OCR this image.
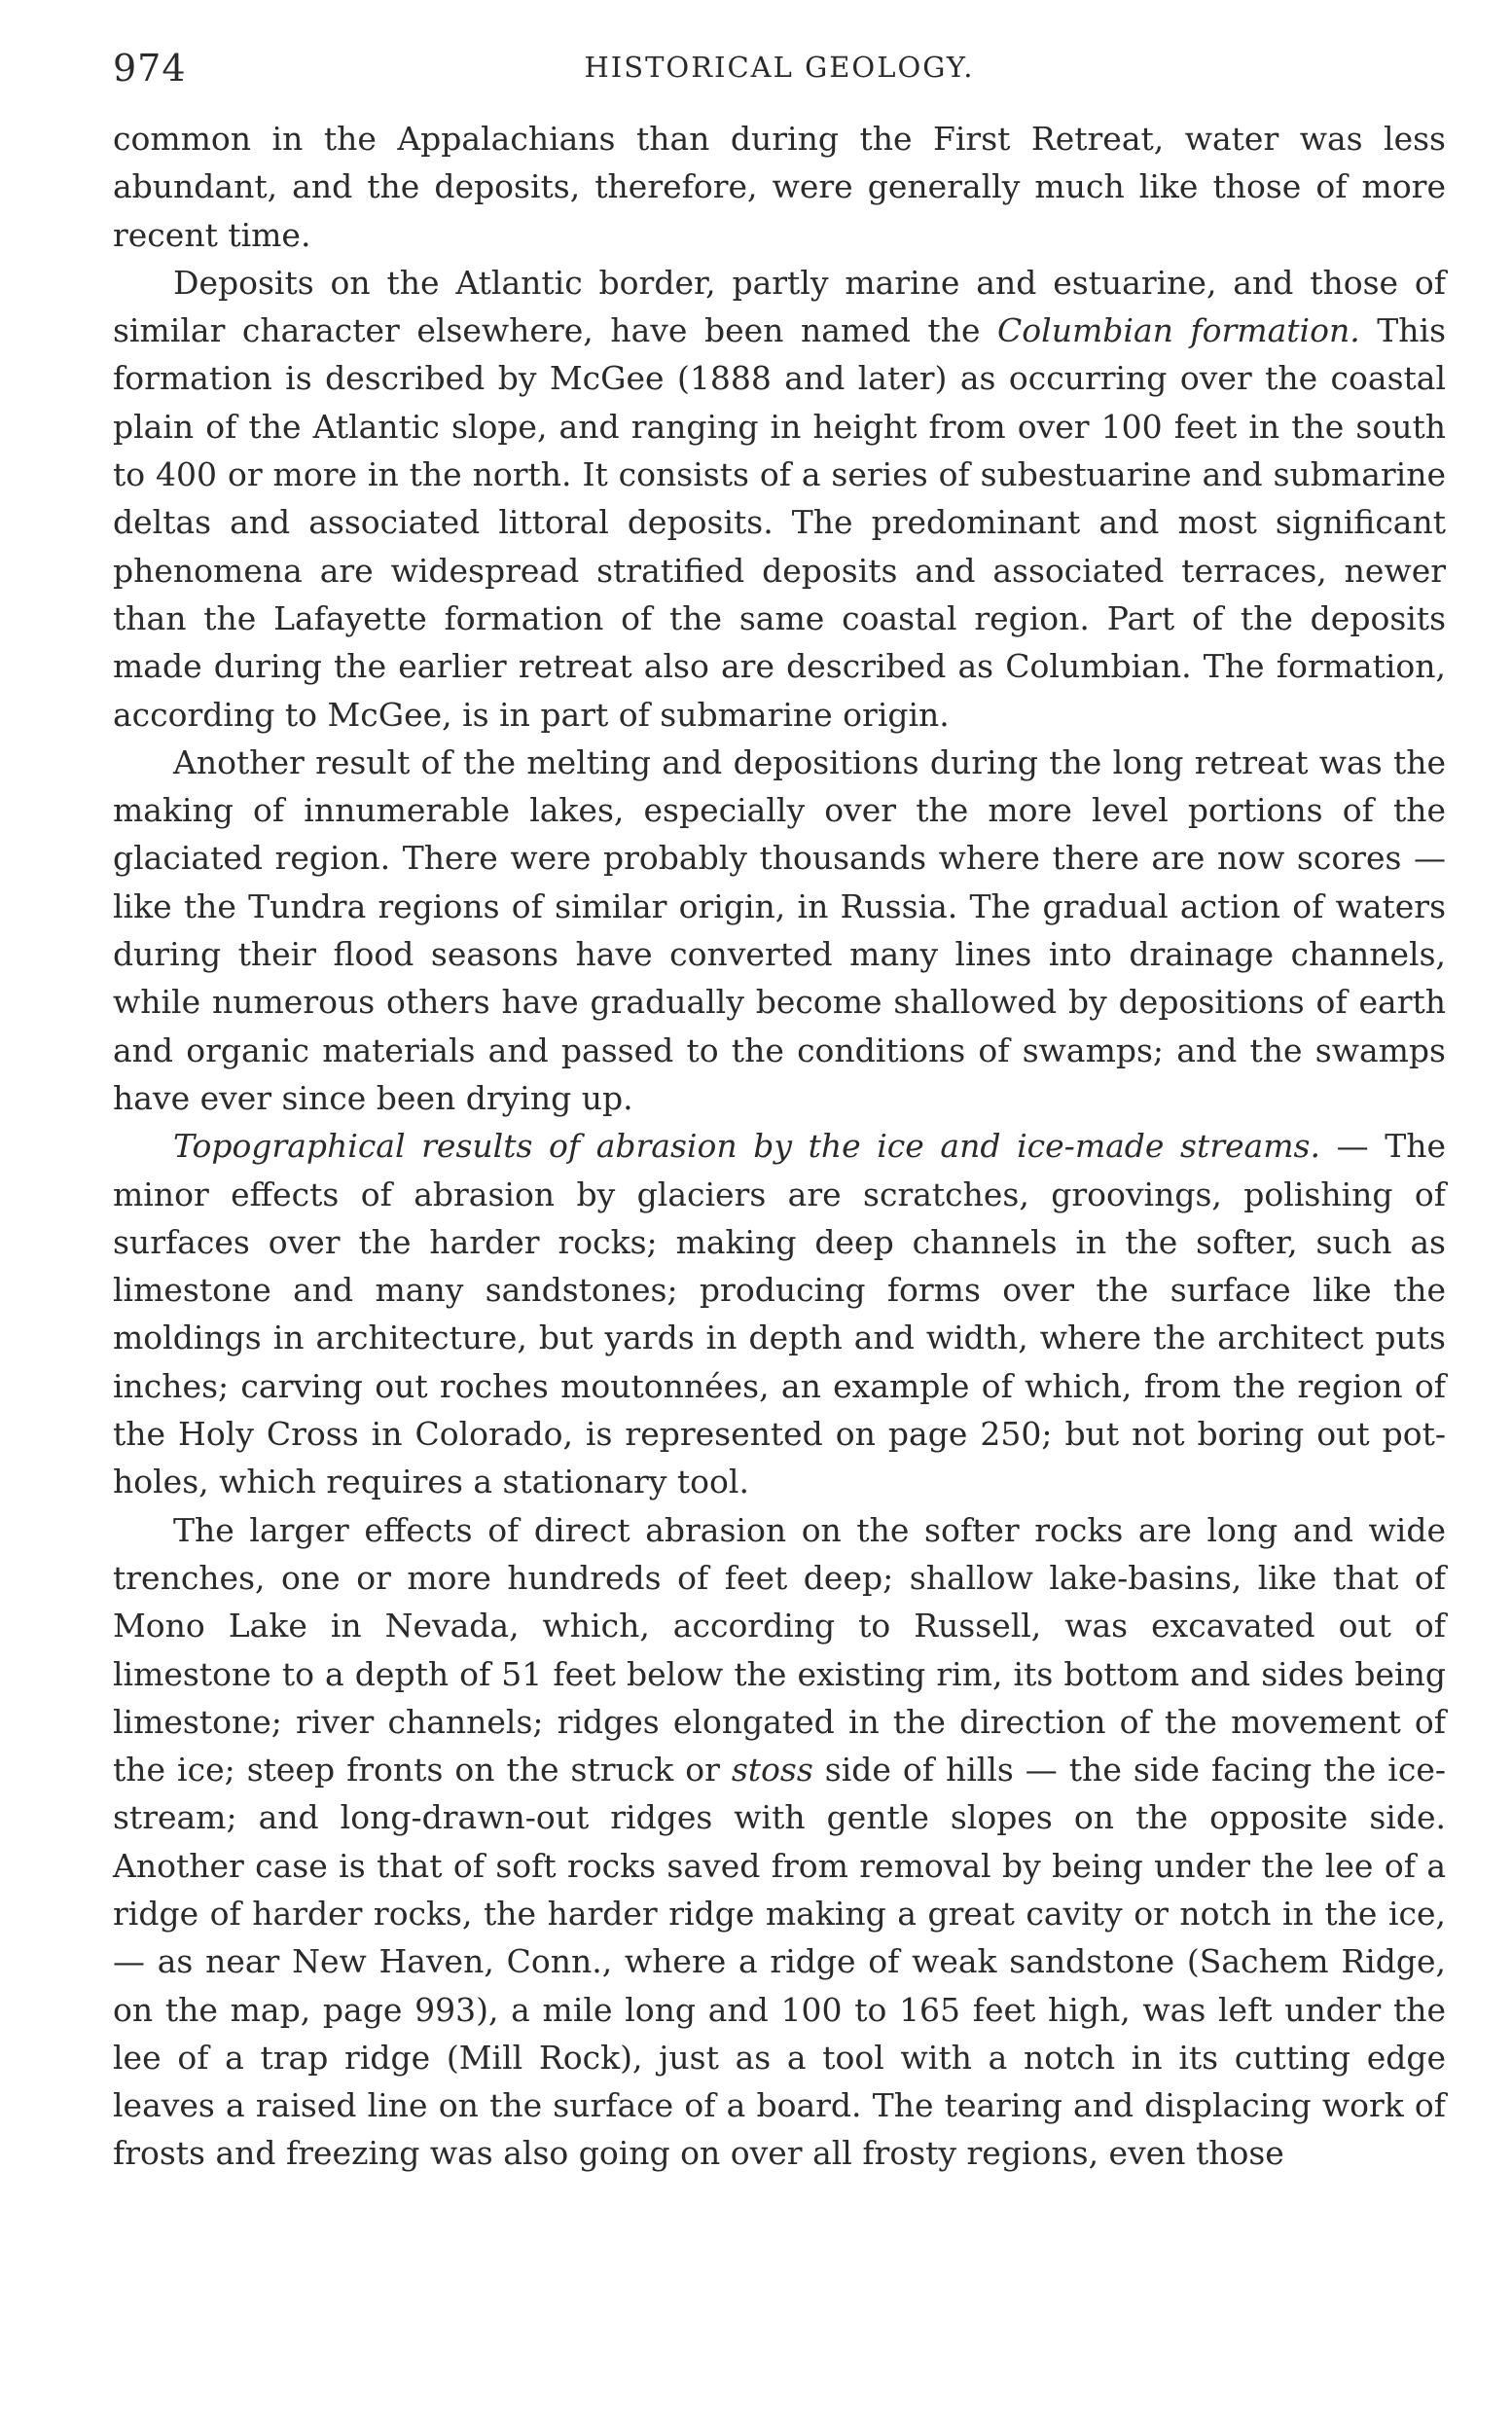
974	HISTORICAL GEOLOGY.

common in the Appalachians than during the First Retreat, water was less abundant, and the deposits, therefore, were generally much like those of more recent time.

Deposits on the Atlantic border, partly marine and estuarine, and those of similar character elsewhere, have been named the Columbian formation. This formation is described by McGee (1888 and later) as occurring over the coastal plain of the Atlantic slope, and ranging in height from over 100 feet in the south to 400 or more in the north. It consists of a series of subestuarine and submarine deltas and associated littoral deposits. The predominant and most significant phenomena are widespread stratified deposits and associated terraces, newer than the Lafayette formation of the same coastal region. Part of the deposits made during the earlier retreat also are described as Columbian. The formation, according to McGee, is in part of submarine origin.

Another result of the melting and depositions during the long retreat was the making of innumerable lakes, especially over the more level portions of the glaciated region. There were probably thousands where there are now scores — like the Tundra regions of similar origin, in Russia. The gradual action of waters during their flood seasons have converted many lines into drainage channels, while numerous others have gradually become shallowed by depositions of earth and organic materials and passed to the conditions of swamps; and the swamps have ever since been drying up.

Topographical results of abrasion by the ice and ice-made streams. — The minor effects of abrasion by glaciers are scratches, groovings, polishing of surfaces over the harder rocks; making deep channels in the softer, such as limestone and many sandstones; producing forms over the surface like the moldings in architecture, but yards in depth and width, where the architect puts inches; carving out roches moutonnées, an example of which, from the region of the Holy Cross in Colorado, is represented on page 250; but not boring out pot-holes, which requires a stationary tool.

The larger effects of direct abrasion on the softer rocks are long and wide trenches, one or more hundreds of feet deep; shallow lake-basins, like that of Mono Lake in Nevada, which, according to Russell, was excavated out of limestone to a depth of 51 feet below the existing rim, its bottom and sides being limestone; river channels; ridges elongated in the direction of the movement of the ice; steep fronts on the struck or stoss side of hills — the side facing the ice-stream; and long-drawn-out ridges with gentle slopes on the opposite side. Another case is that of soft rocks saved from removal by being under the lee of a ridge of harder rocks, the harder ridge making a great cavity or notch in the ice, — as near New Haven, Conn., where a ridge of weak sandstone (Sachem Ridge, on the map, page 993), a mile long and 100 to 165 feet high, was left under the lee of a trap ridge (Mill Rock), just as a tool with a notch in its cutting edge leaves a raised line on the surface of a board. The tearing and displacing work of frosts and freezing was also going on over all frosty regions, even those
